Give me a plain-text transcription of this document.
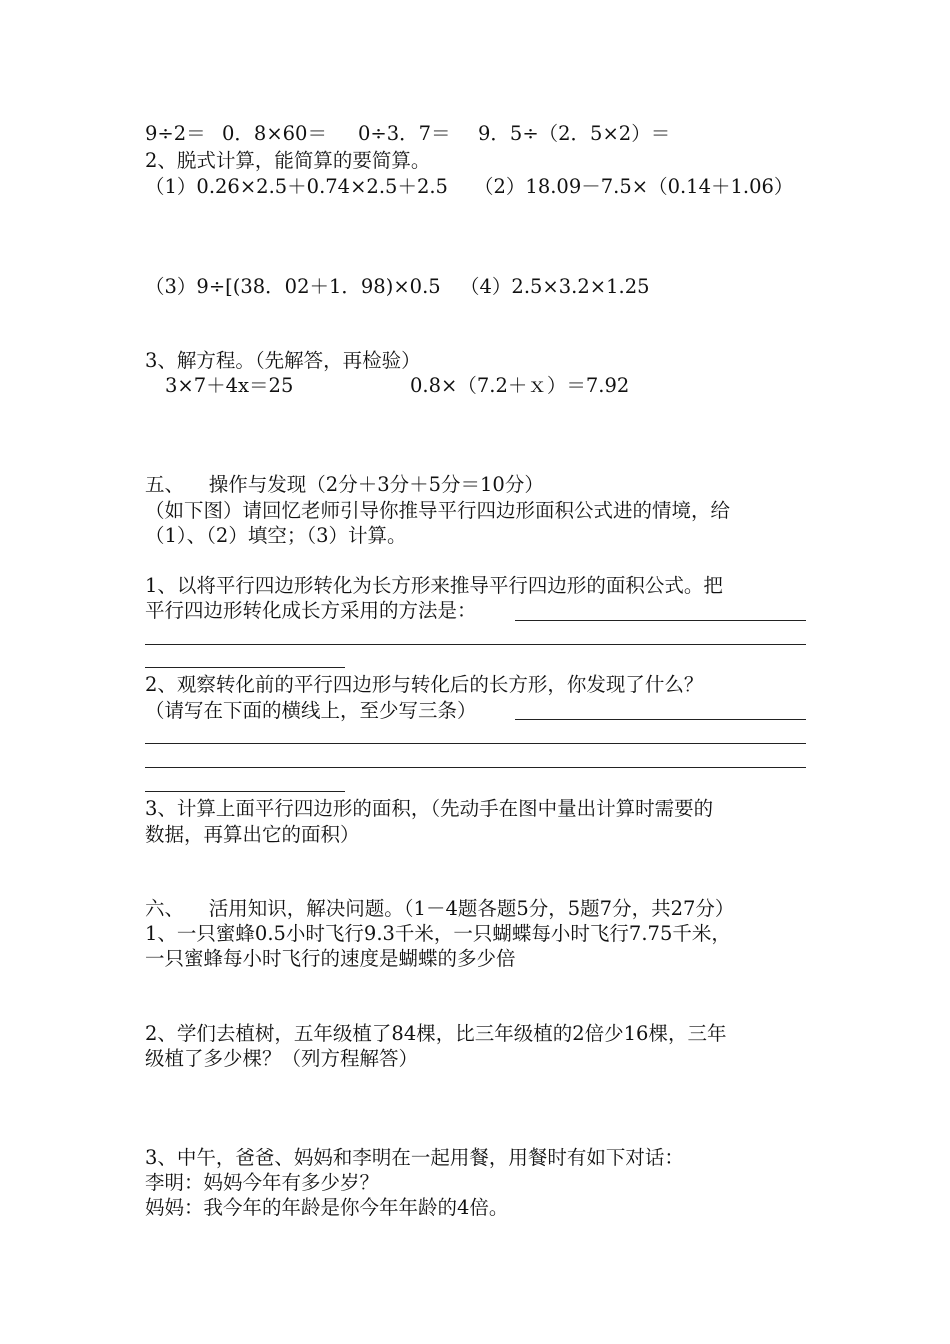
9÷2＝ 0．8×60＝ 0÷3．7＝ 9．5÷（2．5×2）＝
2、脱式计算，能简算的要简算。
（1）0.26×2.5＋0.74×2.5＋2.5 （2）18.09－7.5×（0.14＋1.06）
（3）9÷[(38．02＋1．98)×0.5 （4）2.5×3.2×1.25
3、解方程。（先解答，再检验）
3×7＋4x＝25	0.8×（7.2＋ｘ）＝7.92
五、    操作与发现（2分＋3分＋5分＝10分）
（如下图）请回忆老师引导你推导平行四边形面积公式进的情境，给
（1）、（2）填空；（3）计算。
1、以将平行四边形转化为长方形来推导平行四边形的面积公式。把
平行四边形转化成长方采用的方法是：
2、观察转化前的平行四边形与转化后的长方形，你发现了什么？
（请写在下面的横线上，至少写三条）
3、计算上面平行四边形的面积，（先动手在图中量出计算时需要的
数据，再算出它的面积）
六、    活用知识，解决问题。（1－4题各题5分，5题7分，共27分）
1、一只蜜蜂0.5小时飞行9.3千米，一只蝴蝶每小时飞行7.75千米，
一只蜜蜂每小时飞行的速度是蝴蝶的多少倍
2、学们去植树，五年级植了84棵，比三年级植的2倍少16棵，三年
级植了多少棵？（列方程解答）
3、中午，爸爸、妈妈和李明在一起用餐，用餐时有如下对话：
李明：妈妈今年有多少岁？
妈妈：我今年的年龄是你今年年龄的4倍。
